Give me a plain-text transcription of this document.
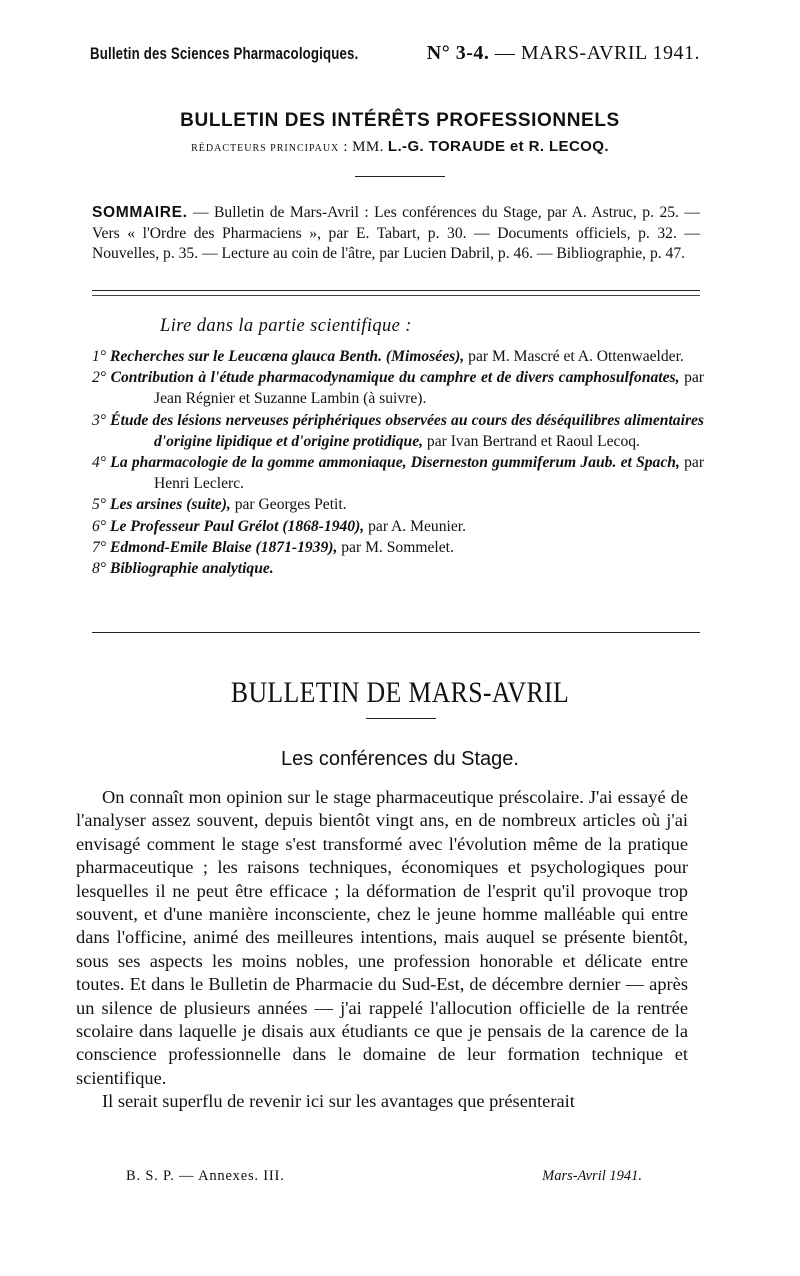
Bulletin des Sciences Pharmacologiques.	N° 3-4. — MARS-AVRIL 1941.
BULLETIN DES INTÉRÊTS PROFESSIONNELS
RÉDACTEURS PRINCIPAUX : MM. L.-G. TORAUDE et R. LECOQ.
SOMMAIRE. — Bulletin de Mars-Avril : Les conférences du Stage, par A. Astruc, p. 25. — Vers « l'Ordre des Pharmaciens », par E. Tabart, p. 30. — Documents officiels, p. 32. — Nouvelles, p. 35. — Lecture au coin de l'âtre, par Lucien Dabril, p. 46. — Bibliographie, p. 47.
Lire dans la partie scientifique :
1° Recherches sur le Leucæna glauca Benth. (Mimosées), par M. Mascré et A. Ottenwaelder.
2° Contribution à l'étude pharmacodynamique du camphre et de divers camphosulfonates, par Jean Régnier et Suzanne Lambin (à suivre).
3° Étude des lésions nerveuses périphériques observées au cours des déséquilibres alimentaires d'origine lipidique et d'origine protidique, par Ivan Bertrand et Raoul Lecoq.
4° La pharmacologie de la gomme ammoniaque, Diserneston gummiferum Jaub. et Spach, par Henri Leclerc.
5° Les arsines (suite), par Georges Petit.
6° Le Professeur Paul Grélot (1868-1940), par A. Meunier.
7° Edmond-Emile Blaise (1871-1939), par M. Sommelet.
8° Bibliographie analytique.
BULLETIN DE MARS-AVRIL
Les conférences du Stage.

On connaît mon opinion sur le stage pharmaceutique préscolaire. J'ai essayé de l'analyser assez souvent, depuis bientôt vingt ans, en de nombreux articles où j'ai envisagé comment le stage s'est transformé avec l'évolution même de la pratique pharmaceutique ; les raisons techniques, économiques et psychologiques pour lesquelles il ne peut être efficace ; la déformation de l'esprit qu'il provoque trop souvent, et d'une manière inconsciente, chez le jeune homme malléable qui entre dans l'officine, animé des meilleures intentions, mais auquel se présente bientôt, sous ses aspects les moins nobles, une profession honorable et délicate entre toutes. Et dans le Bulletin de Pharmacie du Sud-Est, de décembre dernier — après un silence de plusieurs années — j'ai rappelé l'allocution officielle de la rentrée scolaire dans laquelle je disais aux étudiants ce que je pensais de la carence de la conscience professionnelle dans le domaine de leur formation technique et scientifique.

Il serait superflu de revenir ici sur les avantages que présenterait

B. S. P. — Annexes. III.	Mars-Avril 1941.
